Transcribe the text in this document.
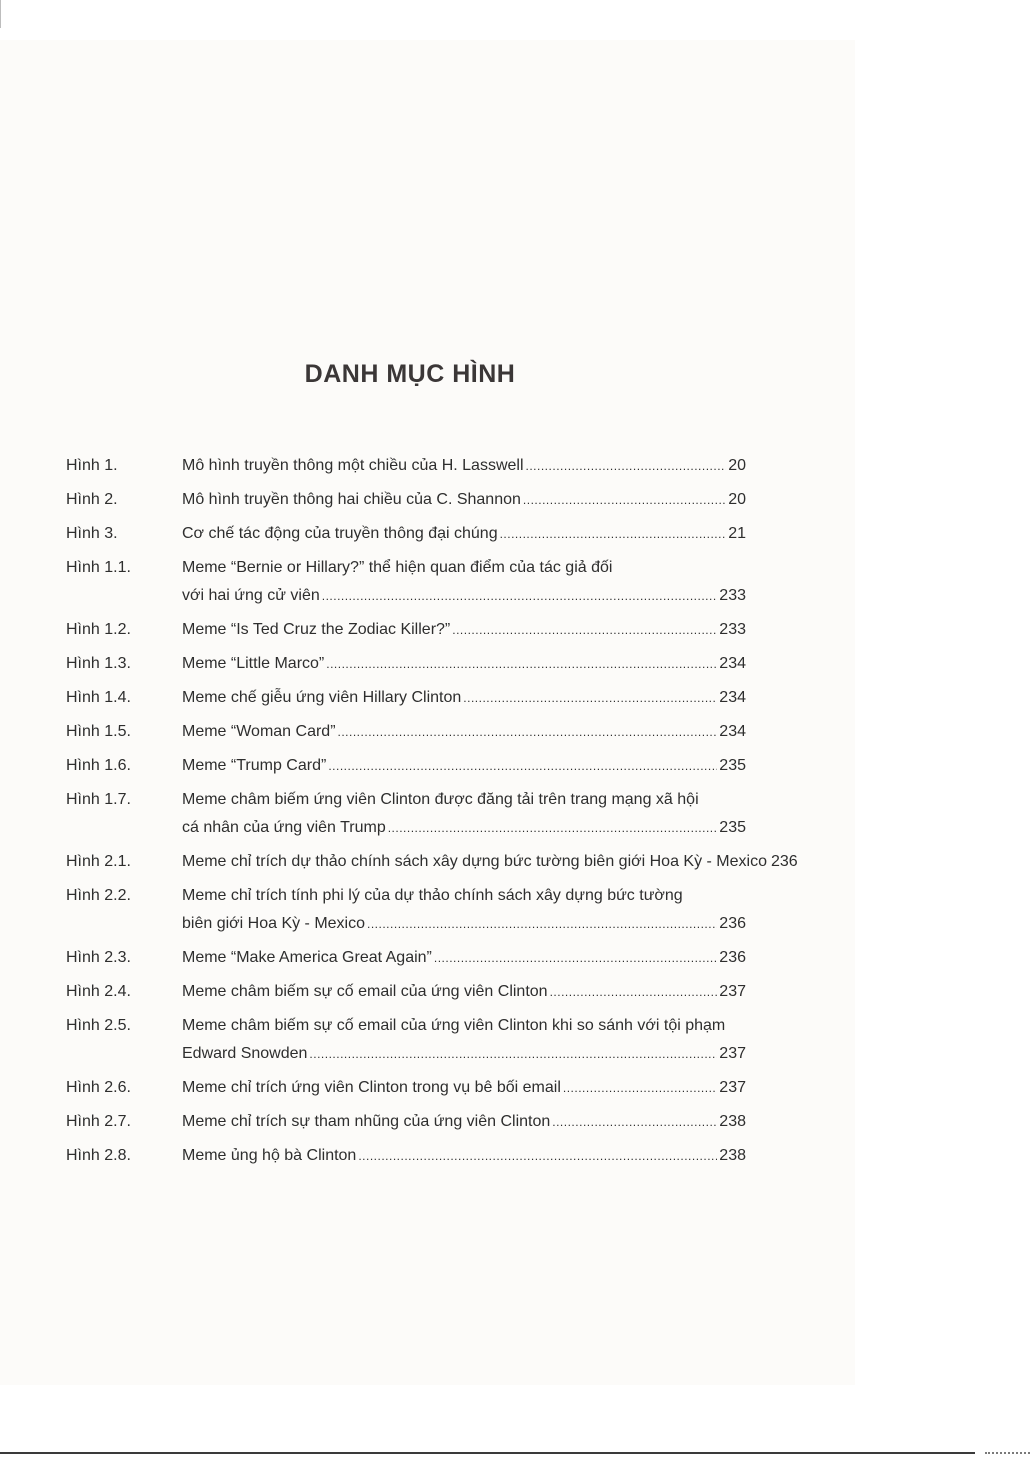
DANH MỤC HÌNH
Hình 1.	Mô hình truyền thông một chiều của H. Lasswell .....	20
Hình 2.	Mô hình truyền thông hai chiều của C. Shannon .....	20
Hình 3.	Cơ chế tác động của truyền thông đại chúng .....	21
Hình 1.1.	Meme “Bernie or Hillary?” thể hiện quan điểm của tác giả đối
với hai ứng cử viên .....	233
Hình 1.2.	Meme “Is Ted Cruz the Zodiac Killer?” .....	233
Hình 1.3.	Meme “Little Marco” .....	234
Hình 1.4.	Meme chế giễu ứng viên Hillary Clinton .....	234
Hình 1.5.	Meme “Woman Card” .....	234
Hình 1.6.	Meme “Trump Card” .....	235
Hình 1.7.	Meme châm biếm ứng viên Clinton được đăng tải trên trang mạng xã hội
cá nhân của ứng viên Trump .....	235
Hình 2.1.	Meme chỉ trích dự thảo chính sách xây dựng bức tường biên giới Hoa Kỳ - Mexico 236
Hình 2.2.	Meme chỉ trích tính phi lý của dự thảo chính sách xây dựng bức tường
biên giới Hoa Kỳ - Mexico .....	236
Hình 2.3.	Meme “Make America Great Again” .....	236
Hình 2.4.	Meme châm biếm sự cố email của ứng viên Clinton .....	237
Hình 2.5.	Meme châm biếm sự cố email của ứng viên Clinton khi so sánh với tội phạm
Edward Snowden .....	237
Hình 2.6.	Meme chỉ trích ứng viên Clinton trong vụ bê bối email .....	237
Hình 2.7.	Meme chỉ trích sự tham nhũng của ứng viên Clinton .....	238
Hình 2.8.	Meme ủng hộ bà Clinton .....	238
